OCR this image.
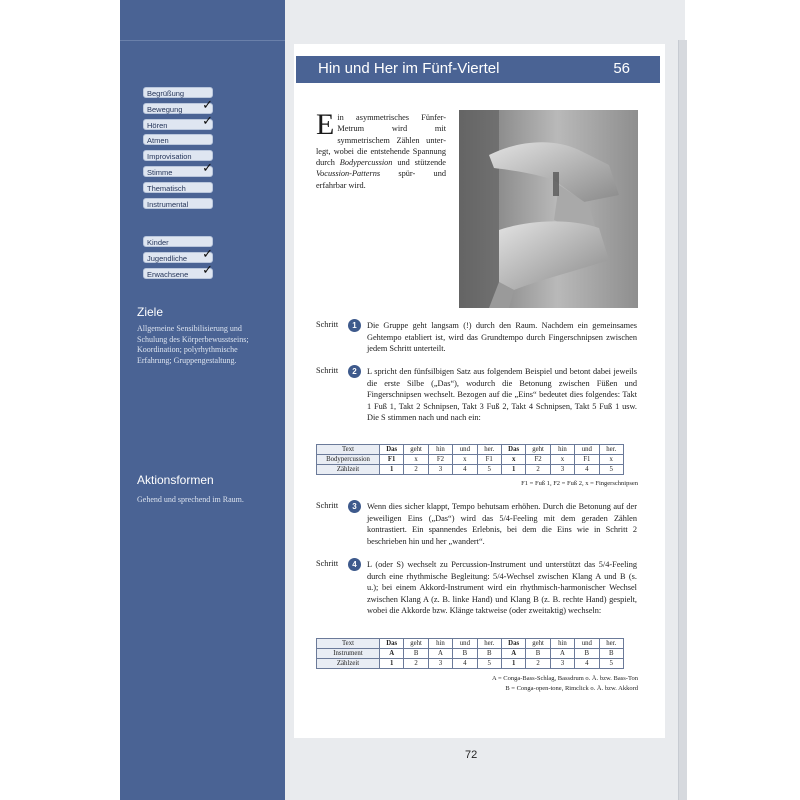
Begrüßung
Bewegung ✓
Hören	✓
Atmen
Improvisation
Stimme ✓
Thematisch
Instrumental
Kinder
Jugendliche ✓
Erwachsene ✓
Ziele
Allgemeine Sensibilisierung und Schulung des Körperbewusstseins; Koordination; polyrhythmische Erfahrung; Gruppengestaltung.
Aktionsformen
Gehend und sprechend im Raum.
Hin und Her im Fünf-Viertel	56
Ein asymmetrisches Fünfer-Metrum wird mit symmetrischem Zählen unterlegt, wobei die entstehende Spannung durch Bodypercussion und stützende Vocussion-Patterns spür- und erfahrbar wird.
Schritt	1	Die Gruppe geht langsam (!) durch den Raum. Nachdem ein gemeinsames Gehtempo etabliert ist, wird das Grundtempo durch Fingerschnipsen zwischen jedem Schritt unterteilt.
Schritt	2	L spricht den fünfsilbigen Satz aus folgendem Beispiel und betont dabei jeweils die erste Silbe („Das“), wodurch die Betonung zwischen Füßen und Fingerschnipsen wechselt. Bezogen auf die „Eins“ bedeutet dies folgendes: Takt 1 Fuß 1, Takt 2 Schnipsen, Takt 3 Fuß 2, Takt 4 Schnipsen, Takt 5 Fuß 1 usw. Die S stimmen nach und nach ein:
Text	Das	geht	hin	und	her.	Das	geht	hin	und	her.
Bodypercussion	F1	x	F2	x	F1	x	F2	x	F1	x
Zählzeit	1	2	3	4	5	1	2	3	4	5
F1 = Fuß 1, F2 = Fuß 2, x = Fingerschnipsen
Schritt	3	Wenn dies sicher klappt, Tempo behutsam erhöhen. Durch die Betonung auf der jeweiligen Eins („Das“) wird das 5/4-Feeling mit dem geraden Zählen kontrastiert. Ein spannendes Erlebnis, bei dem die Eins wie in Schritt 2 beschrieben hin und her „wandert“.
Schritt	4	L (oder S) wechselt zu Percussion-Instrument und unterstützt das 5/4-Feeling durch eine rhythmische Begleitung: 5/4-Wechsel zwischen Klang A und B (s. u.); bei einem Akkord-Instrument wird ein rhythmisch-harmonischer Wechsel zwischen Klang A (z. B. linke Hand) und Klang B (z. B. rechte Hand) gespielt, wobei die Akkorde bzw. Klänge taktweise (oder zweitaktig) wechseln:
Text	Das	geht	hin	und	her.	Das	geht	hin	und	her.
Instrument	A	B	A	B	B	A	B	A	B	B
Zählzeit	1	2	3	4	5	1	2	3	4	5
A = Conga-Bass-Schlag, Bassdrum o. Ä. bzw. Bass-Ton
B = Conga-open-tone, Rimclick o. Ä. bzw. Akkord
72
